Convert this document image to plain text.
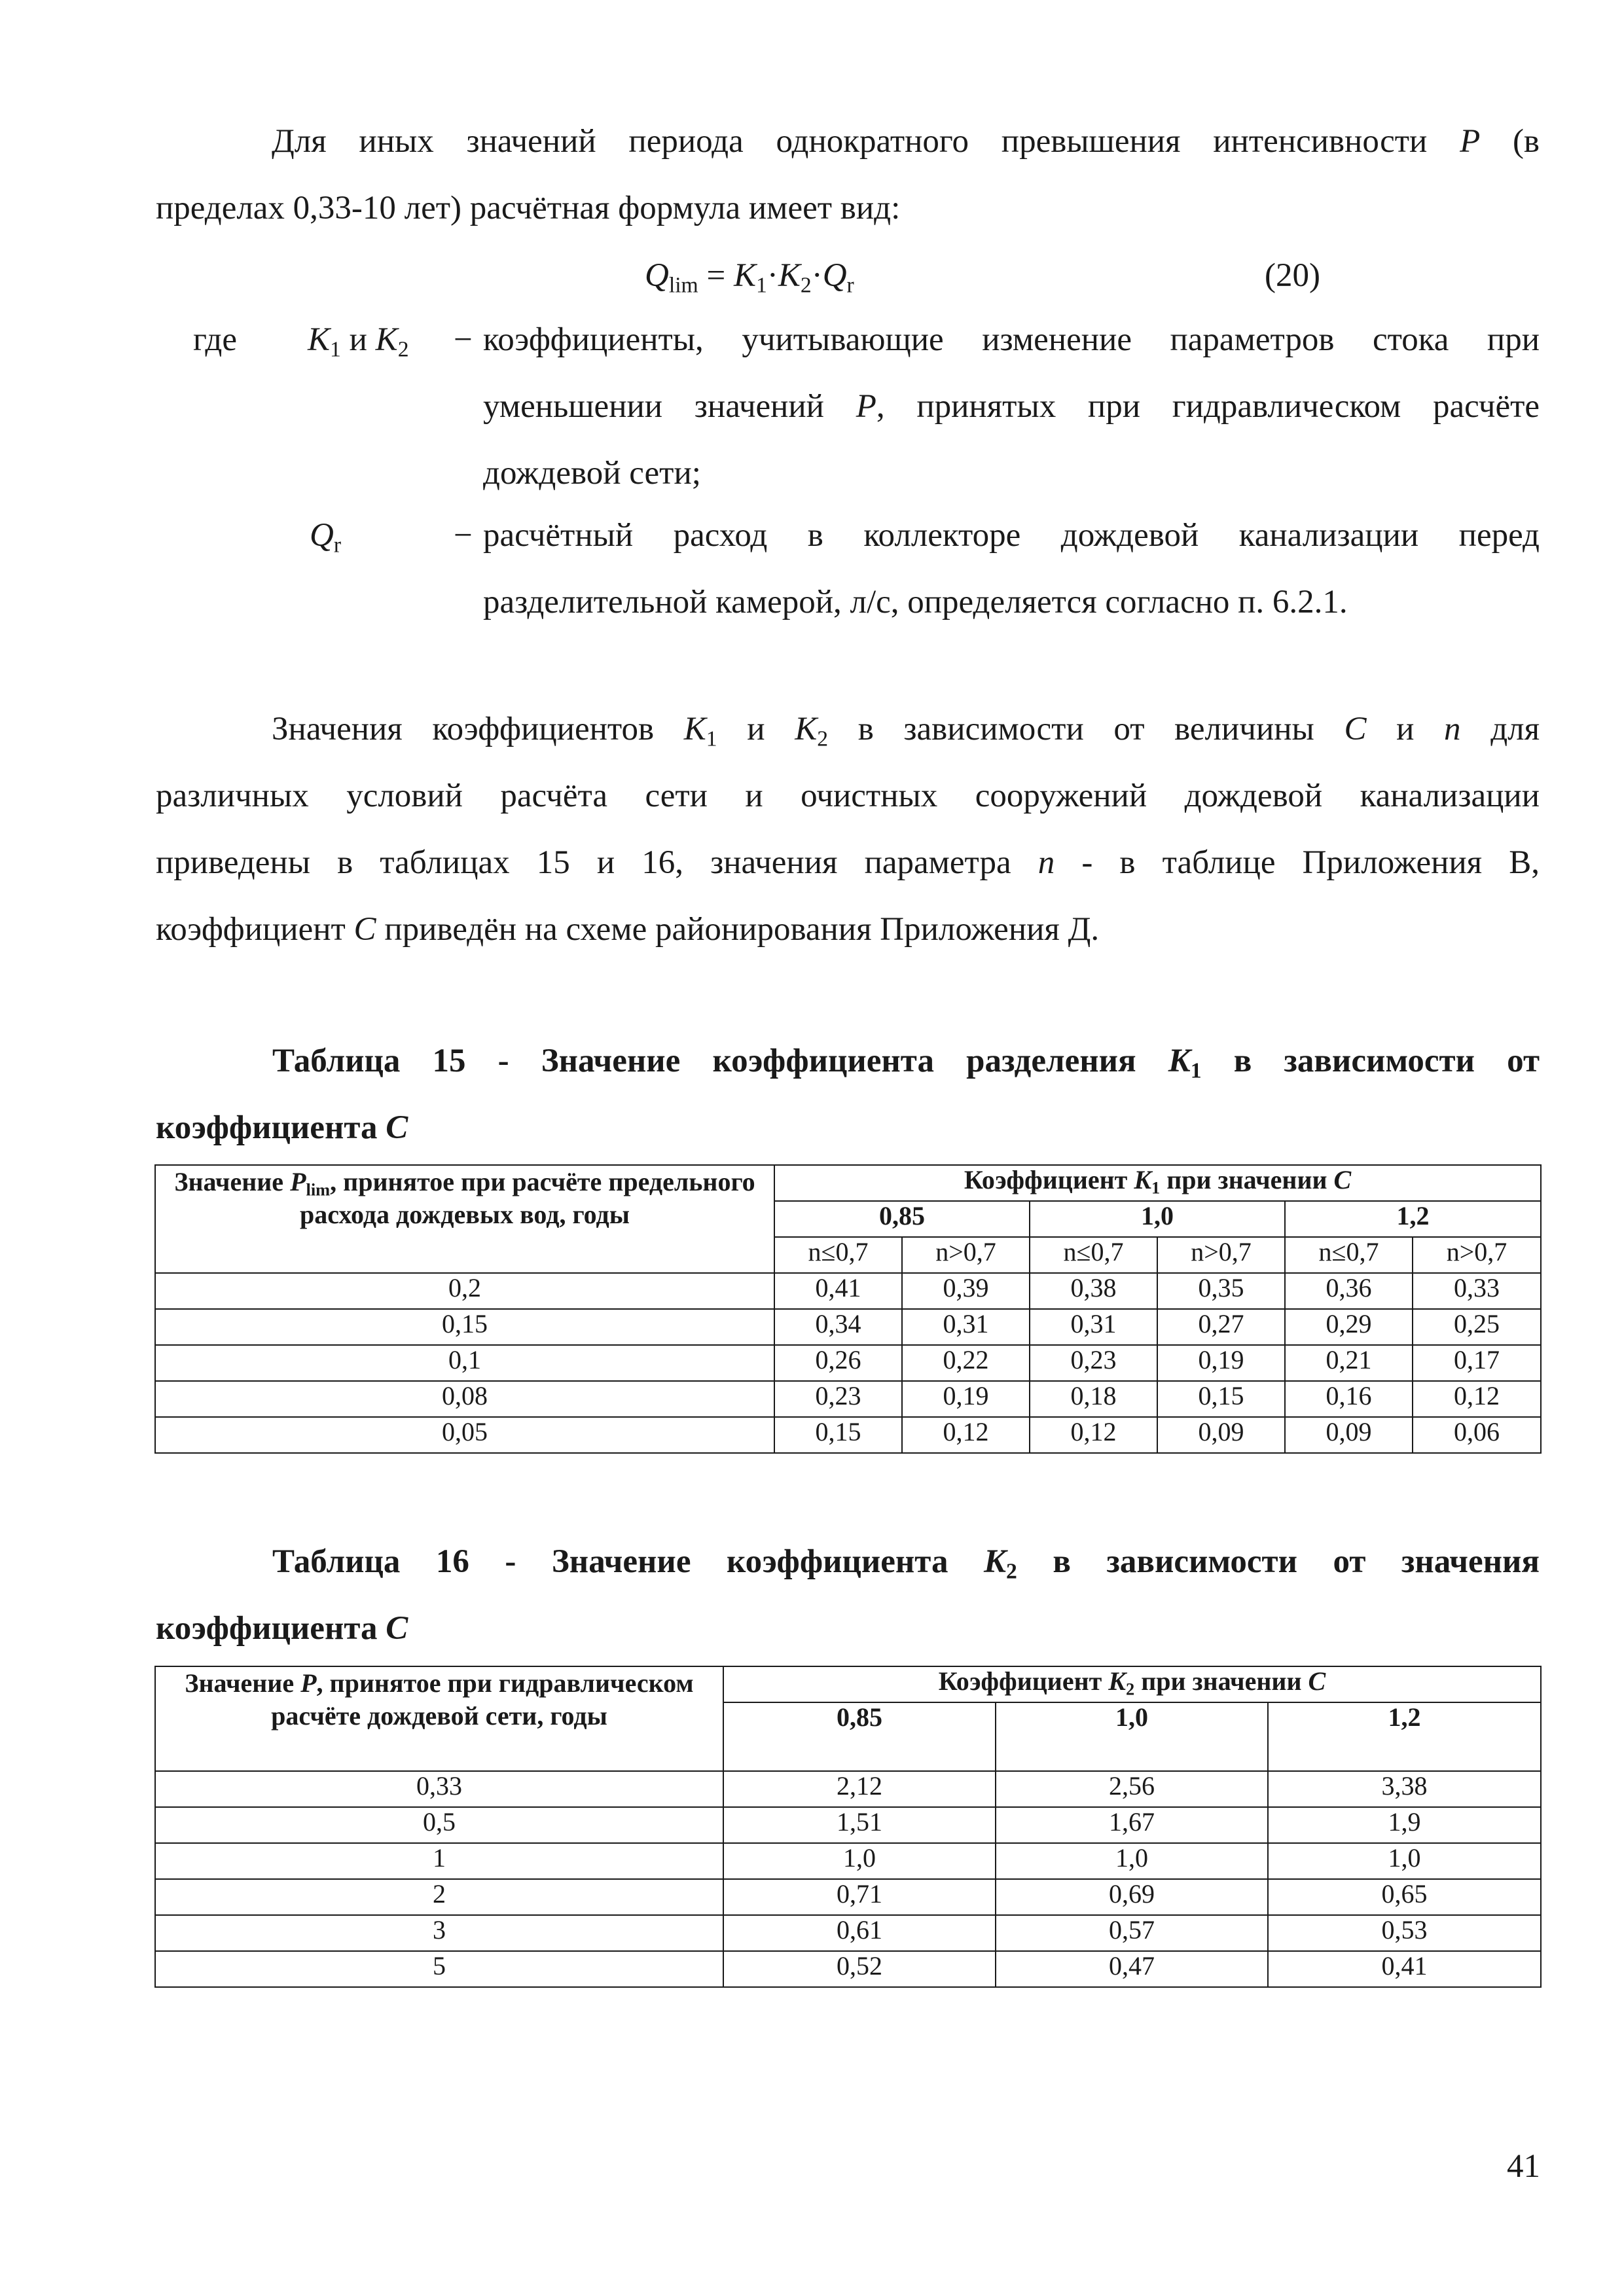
Для иных значений периода однократного превышения интенсивности P (в
пределах 0,33-10 лет) расчётная формула имеет вид:
$Q_{lim} = K_1\cdot K_2\cdot Q_r$	(20)
где $K_1$ и $K_2$ − коэффициенты, учитывающие изменение параметров стока при
уменьшении значений P, принятых при гидравлическом расчёте
дождевой сети;
$Q_r$	− расчётный расход в коллекторе дождевой канализации перед
разделительной камерой, л/с, определяется согласно п. 6.2.1.
Значения коэффициентов $K_1$ и $K_2$ в зависимости от величины C и n для
различных условий расчёта сети и очистных сооружений дождевой канализации
приведены в таблицах 15 и 16, значения параметра n - в таблице Приложения В,
коэффициент C приведён на схеме районирования Приложения Д.
Таблица 15 - Значение коэффициента разделения $K_1$ в зависимости от
коэффициента C
Значение $P_{lim}$, принятое при расчёте предельного расхода дождевых вод, годы	Коэффициент $K_1$ при значении C					
	0,85		1,0		1,2	
	n≤0,7	n>0,7	n≤0,7	n>0,7	n≤0,7	n>0,7
0,2	0,41	0,39	0,38	0,35	0,36	0,33
0,15	0,34	0,31	0,31	0,27	0,29	0,25
0,1	0,26	0,22	0,23	0,19	0,21	0,17
0,08	0,23	0,19	0,18	0,15	0,16	0,12
0,05	0,15	0,12	0,12	0,09	0,09	0,06
Таблица 16 - Значение коэффициента $K_2$ в зависимости от значения
коэффициента C
Значение P, принятое при гидравлическом расчёте дождевой сети, годы	Коэффициент $K_2$ при значении C		
	0,85	1,0	1,2
0,33	2,12	2,56	3,38
0,5	1,51	1,67	1,9
1	1,0	1,0	1,0
2	0,71	0,69	0,65
3	0,61	0,57	0,53
5	0,52	0,47	0,41
41
